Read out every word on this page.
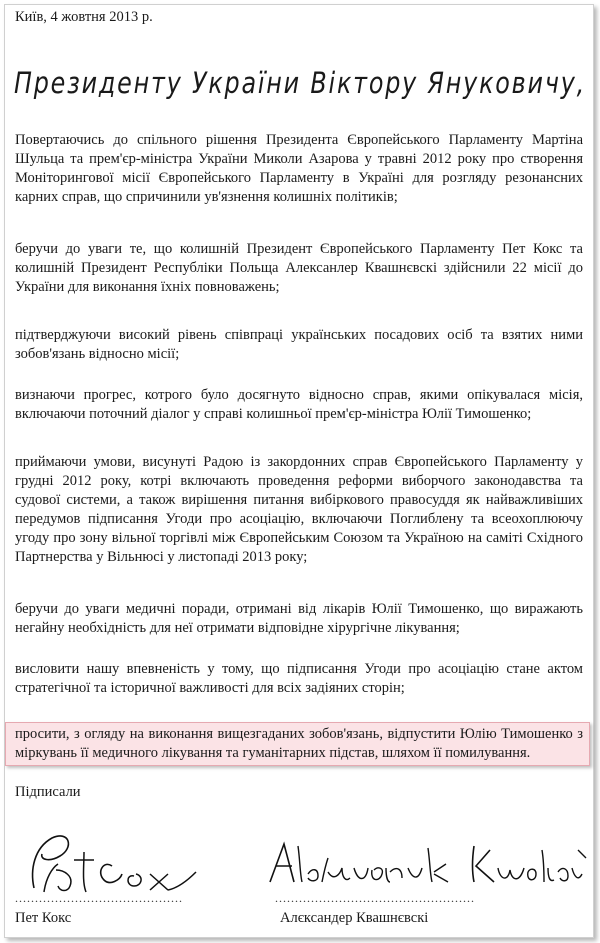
Київ, 4 жовтня 2013 р.
Президенту України Віктору Януковичу,
Повертаючись до спільного рішення Президента Європейського Парламенту Мартіна Шульца та прем'єр-міністра України Миколи Азарова у травні 2012 року про створення Моніторингової місії Європейського Парламенту в Україні для розгляду резонансних карних справ, що спричинили ув'язнення колишніх політиків;
беручи до уваги те, що колишній Президент Європейського Парламенту Пет Кокс та колишній Президент Республіки Польща Алексанлер Квашнєвскі здійснили 22 місії до України для виконання їхніх повноважень;
підтверджуючи високий рівень співпраці українських посадових осіб та взятих ними зобов'язань відносно місії;
визнаючи прогрес, котрого було досягнуто відносно справ, якими опікувалася місія, включаючи поточний діалог у справі колишньої прем'єр-міністра Юлії Тимошенко;
приймаючи умови, висунуті Радою із закордонних справ Європейського Парламенту у грудні 2012 року, котрі включають проведення реформи виборчого законодавства та судової системи, а також вирішення питання вибіркового правосуддя як найважливіших передумов підписання Угоди про асоціацію, включаючи Поглиблену та всеохоплюючу угоду про зону вільної торгівлі між Європейським Союзом та Україною на саміті Східного Партнерства у Вільнюсі у листопаді 2013 року;
беручи до уваги медичні поради, отримані від лікарів Юлії Тимошенко, що виражають негайну необхідність для неї отримати відповідне хірургічне лікування;
висловити нашу впевненість у тому, що підписання Угоди про асоціацію стане актом стратегічної та історичної важливості для всіх задіяних сторін;
просити, з огляду на виконання вищезгаданих зобов'язань, відпустити Юлію Тимошенко з міркувань її медичного лікування та гуманітарних підстав, шляхом її помилування.
Підписали
..........................................	..................................................
Пет Кокс	Алєксандер Квашнєвскі
